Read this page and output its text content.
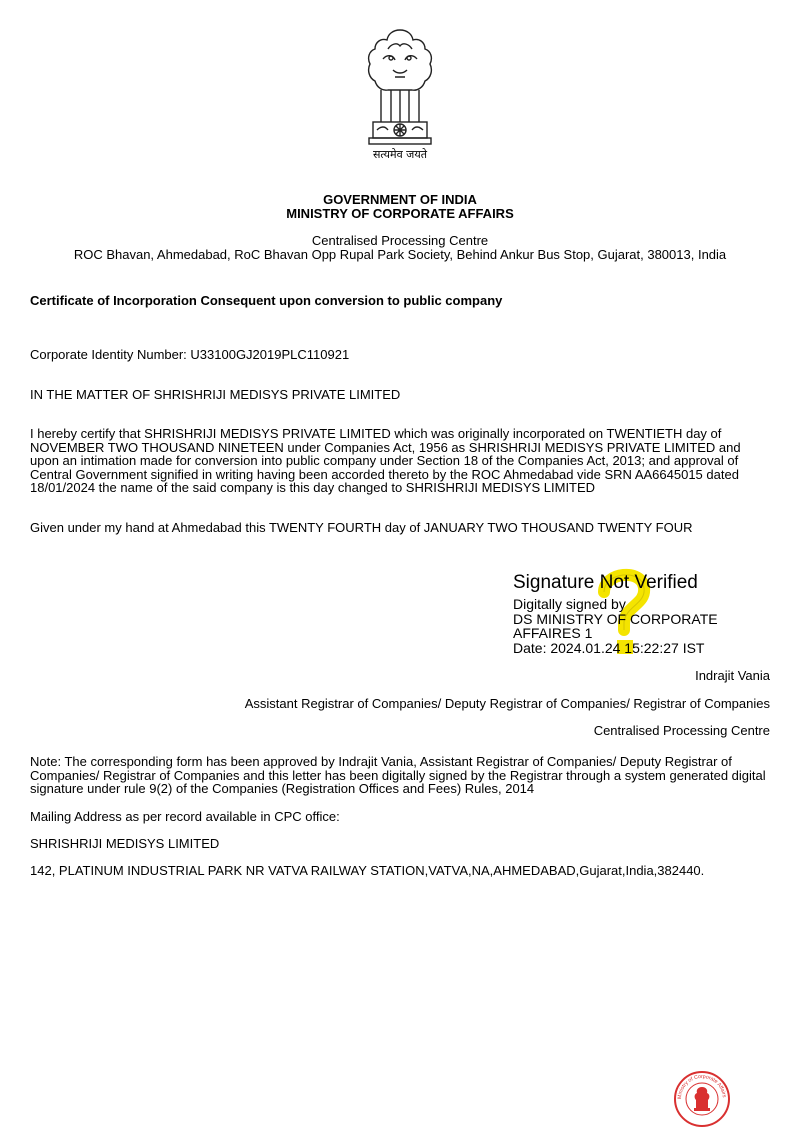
सत्यमेव जयते
GOVERNMENT OF INDIA
MINISTRY OF CORPORATE AFFAIRS
Centralised Processing Centre
ROC Bhavan, Ahmedabad, RoC Bhavan Opp Rupal Park Society, Behind Ankur Bus Stop, Gujarat, 380013, India
Certificate of Incorporation Consequent upon conversion to public company
Corporate Identity Number: U33100GJ2019PLC110921
IN THE MATTER OF SHRISHRIJI MEDISYS PRIVATE LIMITED
I hereby certify that SHRISHRIJI MEDISYS PRIVATE LIMITED which was originally incorporated on TWENTIETH day of NOVEMBER TWO THOUSAND NINETEEN under Companies Act, 1956 as SHRISHRIJI MEDISYS PRIVATE LIMITED and upon an intimation made for conversion into public company under Section 18 of the Companies Act, 2013; and approval of Central Government signified in writing having been accorded thereto by the ROC Ahmedabad vide SRN AA6645015 dated 18/01/2024 the name of the said company is this day changed to SHRISHRIJI MEDISYS LIMITED
Given under my hand at Ahmedabad this TWENTY FOURTH day of JANUARY TWO THOUSAND TWENTY FOUR
Signature Not Verified
Digitally signed by
DS MINISTRY OF CORPORATE
AFFAIRES 1
Date: 2024.01.24 15:22:27 IST
Indrajit Vania
Assistant Registrar of Companies/ Deputy Registrar of Companies/ Registrar of Companies
Centralised Processing Centre
Note: The corresponding form has been approved by Indrajit Vania, Assistant Registrar of Companies/ Deputy Registrar of Companies/ Registrar of Companies and this letter has been digitally signed by the Registrar through a system generated digital signature under rule 9(2) of the Companies (Registration Offices and Fees) Rules, 2014
Mailing Address as per record available in CPC office:
SHRISHRIJI MEDISYS LIMITED
142, PLATINUM INDUSTRIAL PARK NR VATVA RAILWAY STATION,VATVA,NA,AHMEDABAD,Gujarat,India,382440.
Ministry of Corporate Affairs
